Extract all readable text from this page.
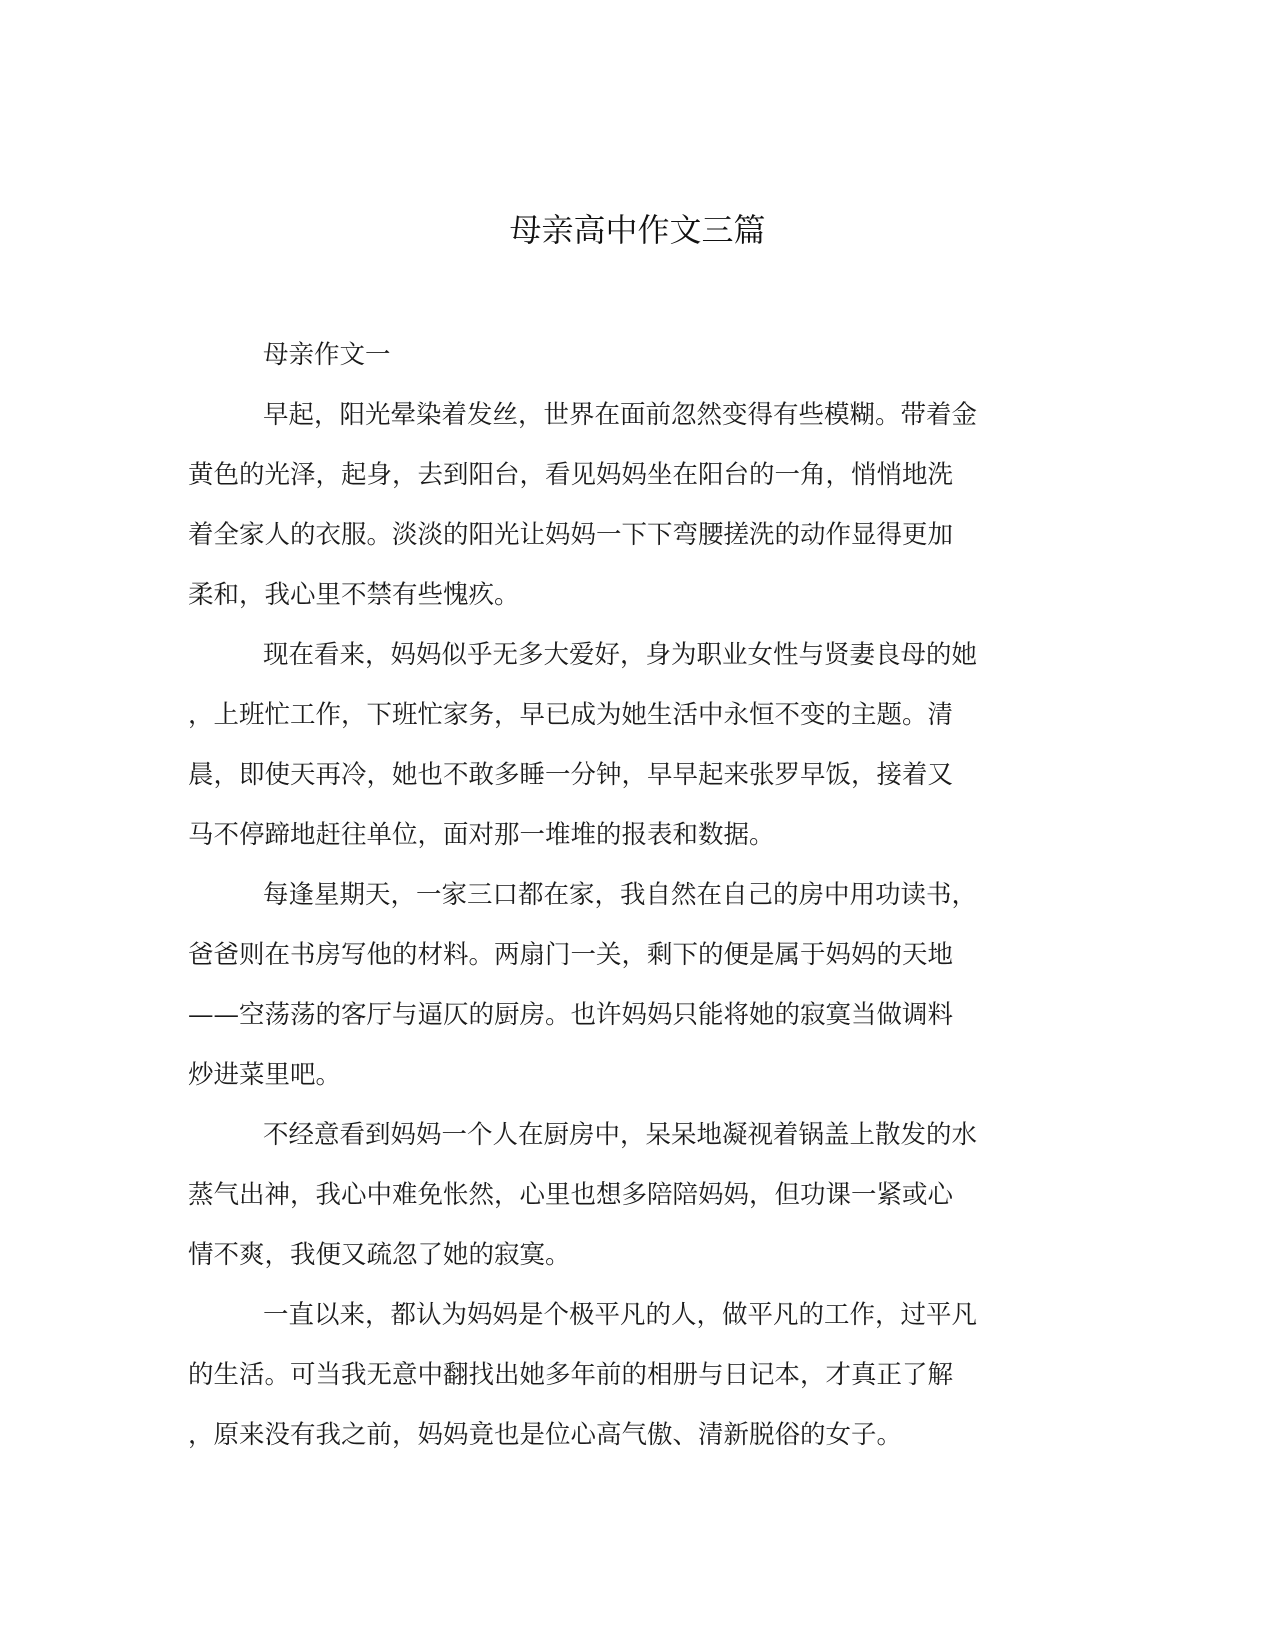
母亲高中作文三篇

母亲作文一

早起，阳光晕染着发丝，世界在面前忽然变得有些模糊。带着金
黄色的光泽，起身，去到阳台，看见妈妈坐在阳台的一角，悄悄地洗
着全家人的衣服。淡淡的阳光让妈妈一下下弯腰搓洗的动作显得更加
柔和，我心里不禁有些愧疚。

现在看来，妈妈似乎无多大爱好，身为职业女性与贤妻良母的她
，上班忙工作，下班忙家务，早已成为她生活中永恒不变的主题。清
晨，即使天再冷，她也不敢多睡一分钟，早早起来张罗早饭，接着又
马不停蹄地赶往单位，面对那一堆堆的报表和数据。

每逢星期天，一家三口都在家，我自然在自己的房中用功读书，
爸爸则在书房写他的材料。两扇门一关，剩下的便是属于妈妈的天地
——空荡荡的客厅与逼仄的厨房。也许妈妈只能将她的寂寞当做调料
炒进菜里吧。

不经意看到妈妈一个人在厨房中，呆呆地凝视着锅盖上散发的水
蒸气出神，我心中难免怅然，心里也想多陪陪妈妈，但功课一紧或心
情不爽，我便又疏忽了她的寂寞。

一直以来，都认为妈妈是个极平凡的人，做平凡的工作，过平凡
的生活。可当我无意中翻找出她多年前的相册与日记本，才真正了解
，原来没有我之前，妈妈竟也是位心高气傲、清新脱俗的女子。
